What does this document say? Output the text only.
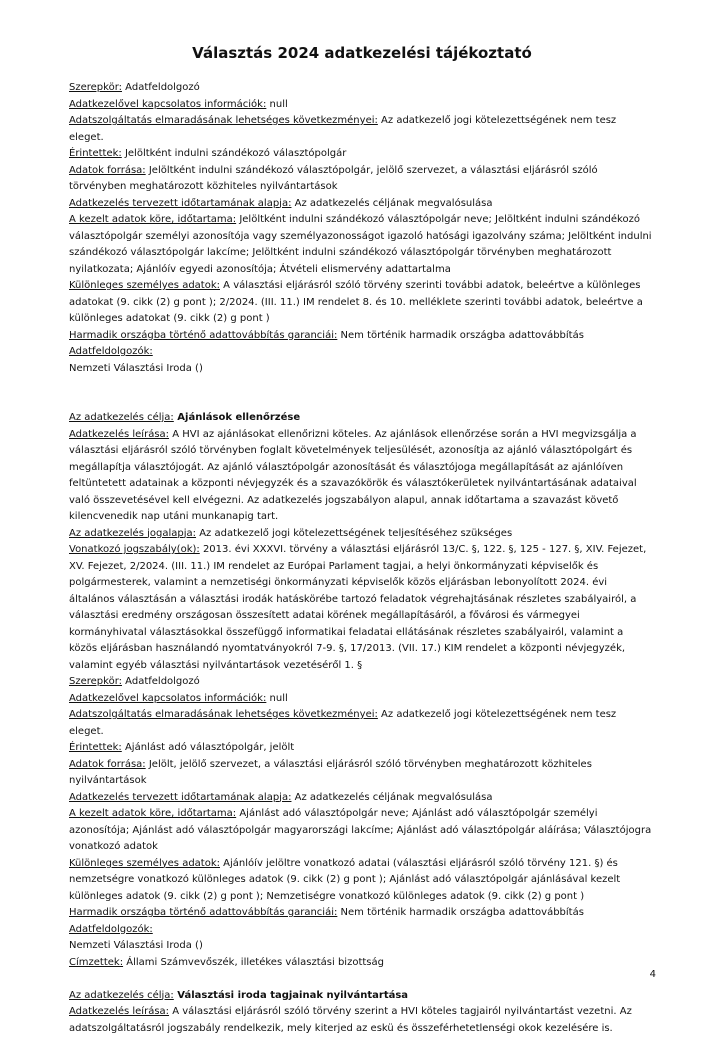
Választás 2024 adatkezelési tájékoztató

Szerepkör: Adatfeldolgozó

Adatkezelővel kapcsolatos információk: null

Adatszolgáltatás elmaradásának lehetséges következményei: Az adatkezelő jogi kötelezettségének nem tesz eleget.

Érintettek: Jelöltként indulni szándékozó választópolgár

Adatok forrása: Jelöltként indulni szándékozó választópolgár, jelölő szervezet, a választási eljárásról szóló törvényben meghatározott közhiteles nyilvántartások

Adatkezelés tervezett időtartamának alapja: Az adatkezelés céljának megvalósulása

A kezelt adatok köre, időtartama: Jelöltként indulni szándékozó választópolgár neve; Jelöltként indulni szándékozó választópolgár személyi azonosítója vagy személyazonosságot igazoló hatósági igazolvány száma; Jelöltként indulni szándékozó választópolgár lakcíme; Jelöltként indulni szándékozó választópolgár törvényben meghatározott nyilatkozata; Ajánlóív egyedi azonosítója; Átvételi elismervény adattartalma

Különleges személyes adatok: A választási eljárásról szóló törvény szerinti további adatok, beleértve a különleges adatokat (9. cikk (2) g pont ); 2/2024. (III. 11.) IM rendelet 8. és 10. melléklete szerinti további adatok, beleértve a különleges adatokat (9. cikk (2) g pont )

Harmadik országba történő adattovábbítás garanciái: Nem történik harmadik országba adattovábbítás

Adatfeldolgozók:

Nemzeti Választási Iroda ()

Az adatkezelés célja: Ajánlások ellenőrzése

Adatkezelés leírása: A HVI az ajánlásokat ellenőrizni köteles. Az ajánlások ellenőrzése során a HVI megvizsgálja a választási eljárásról szóló törvényben foglalt követelmények teljesülését, azonosítja az ajánló választópolgárt és megállapítja választójogát. Az ajánló választópolgár azonosítását és választójoga megállapítását az ajánlóíven feltüntetett adatainak a központi névjegyzék és a szavazókörök és választókerületek nyilvántartásának adataival való összevetésével kell elvégezni. Az adatkezelés jogszabályon alapul, annak időtartama a szavazást követő kilencvenedik nap utáni munkanapig tart.

Az adatkezelés jogalapja: Az adatkezelő jogi kötelezettségének teljesítéséhez szükséges

Vonatkozó jogszabály(ok): 2013. évi XXXVI. törvény a választási eljárásról 13/C. §, 122. §, 125 - 127. §, XIV. Fejezet, XV. Fejezet, 2/2024. (III. 11.) IM rendelet az Európai Parlament tagjai, a helyi önkormányzati képviselők és polgármesterek, valamint a nemzetiségi önkormányzati képviselők közös eljárásban lebonyolított 2024. évi általános választásán a választási irodák hatáskörébe tartozó feladatok végrehajtásának részletes szabályairól, a választási eredmény országosan összesített adatai körének megállapításáról, a fővárosi és vármegyei kormányhivatal választásokkal összefüggő informatikai feladatai ellátásának részletes szabályairól, valamint a közös eljárásban használandó nyomtatványokról 7-9. §, 17/2013. (VII. 17.) KIM rendelet a központi névjegyzék, valamint egyéb választási nyilvántartások vezetéséről 1. §

Szerepkör: Adatfeldolgozó

Adatkezelővel kapcsolatos információk: null

Adatszolgáltatás elmaradásának lehetséges következményei: Az adatkezelő jogi kötelezettségének nem tesz eleget.

Érintettek: Ajánlást adó választópolgár, jelölt

Adatok forrása: Jelölt, jelölő szervezet, a választási eljárásról szóló törvényben meghatározott közhiteles nyilvántartások

Adatkezelés tervezett időtartamának alapja: Az adatkezelés céljának megvalósulása

A kezelt adatok köre, időtartama: Ajánlást adó választópolgár neve; Ajánlást adó választópolgár személyi azonosítója; Ajánlást adó választópolgár magyarországi lakcíme; Ajánlást adó választópolgár aláírása; Választójogra vonatkozó adatok

Különleges személyes adatok: Ajánlóív jelöltre vonatkozó adatai (választási eljárásról szóló törvény 121. §) és nemzetségre vonatkozó különleges adatok (9. cikk (2) g pont ); Ajánlást adó választópolgár ajánlásával kezelt különleges adatok (9. cikk (2) g pont ); Nemzetiségre vonatkozó különleges adatok (9. cikk (2) g pont )

Harmadik országba történő adattovábbítás garanciái: Nem történik harmadik országba adattovábbítás

Adatfeldolgozók:

Nemzeti Választási Iroda ()

Címzettek: Állami Számvevőszék, illetékes választási bizottság

Az adatkezelés célja: Választási iroda tagjainak nyilvántartása

Adatkezelés leírása: A választási eljárásról szóló törvény szerint a HVI köteles tagjairól nyilvántartást vezetni. Az adatszolgáltatásról jogszabály rendelkezik, mely kiterjed az eskü és összeférhetetlenségi okok kezelésére is.

4
